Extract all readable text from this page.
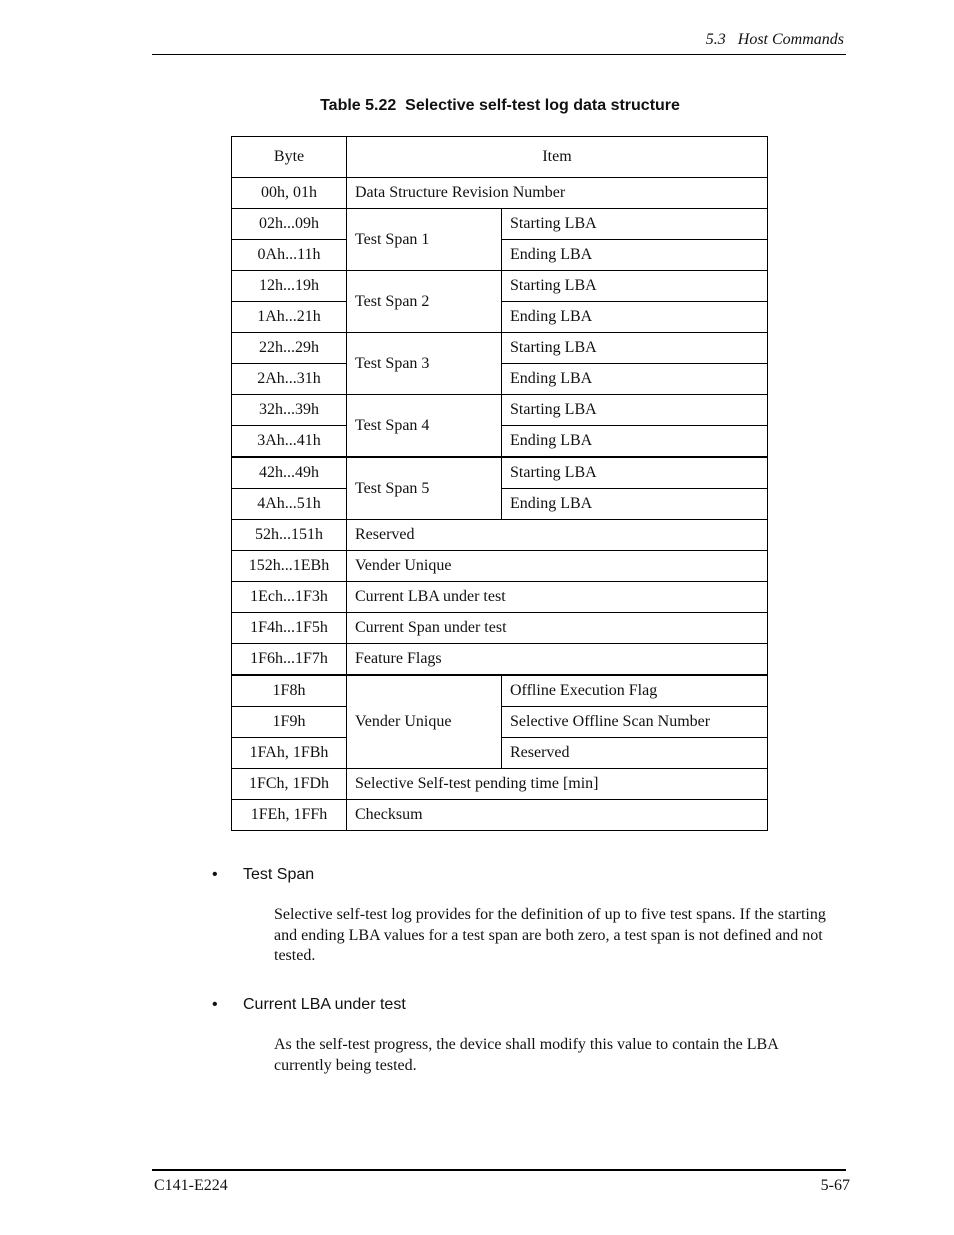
5.3   Host Commands
Table 5.22  Selective self-test log data structure
Byte	Item	
00h, 01h	Data Structure Revision Number	
02h...09h	Test Span 1	Starting LBA
0Ah...11h		Ending LBA
12h...19h	Test Span 2	Starting LBA
1Ah...21h		Ending LBA
22h...29h	Test Span 3	Starting LBA
2Ah...31h		Ending LBA
32h...39h	Test Span 4	Starting LBA
3Ah...41h		Ending LBA
42h...49h	Test Span 5	Starting LBA
4Ah...51h		Ending LBA
52h...151h	Reserved	
152h...1EBh	Vender Unique	
1Ech...1F3h	Current LBA under test	
1F4h...1F5h	Current Span under test	
1F6h...1F7h	Feature Flags	
1F8h	Vender Unique	Offline Execution Flag
1F9h		Selective Offline Scan Number
1FAh, 1FBh		Reserved
1FCh, 1FDh	Selective Self-test pending time [min]	
1FEh, 1FFh	Checksum	
• Test Span
Selective self-test log provides for the definition of up to five test spans. If the starting and ending LBA values for a test span are both zero, a test span is not defined and not tested.
• Current LBA under test
As the self-test progress, the device shall modify this value to contain the LBA currently being tested.
C141-E224	5-67
